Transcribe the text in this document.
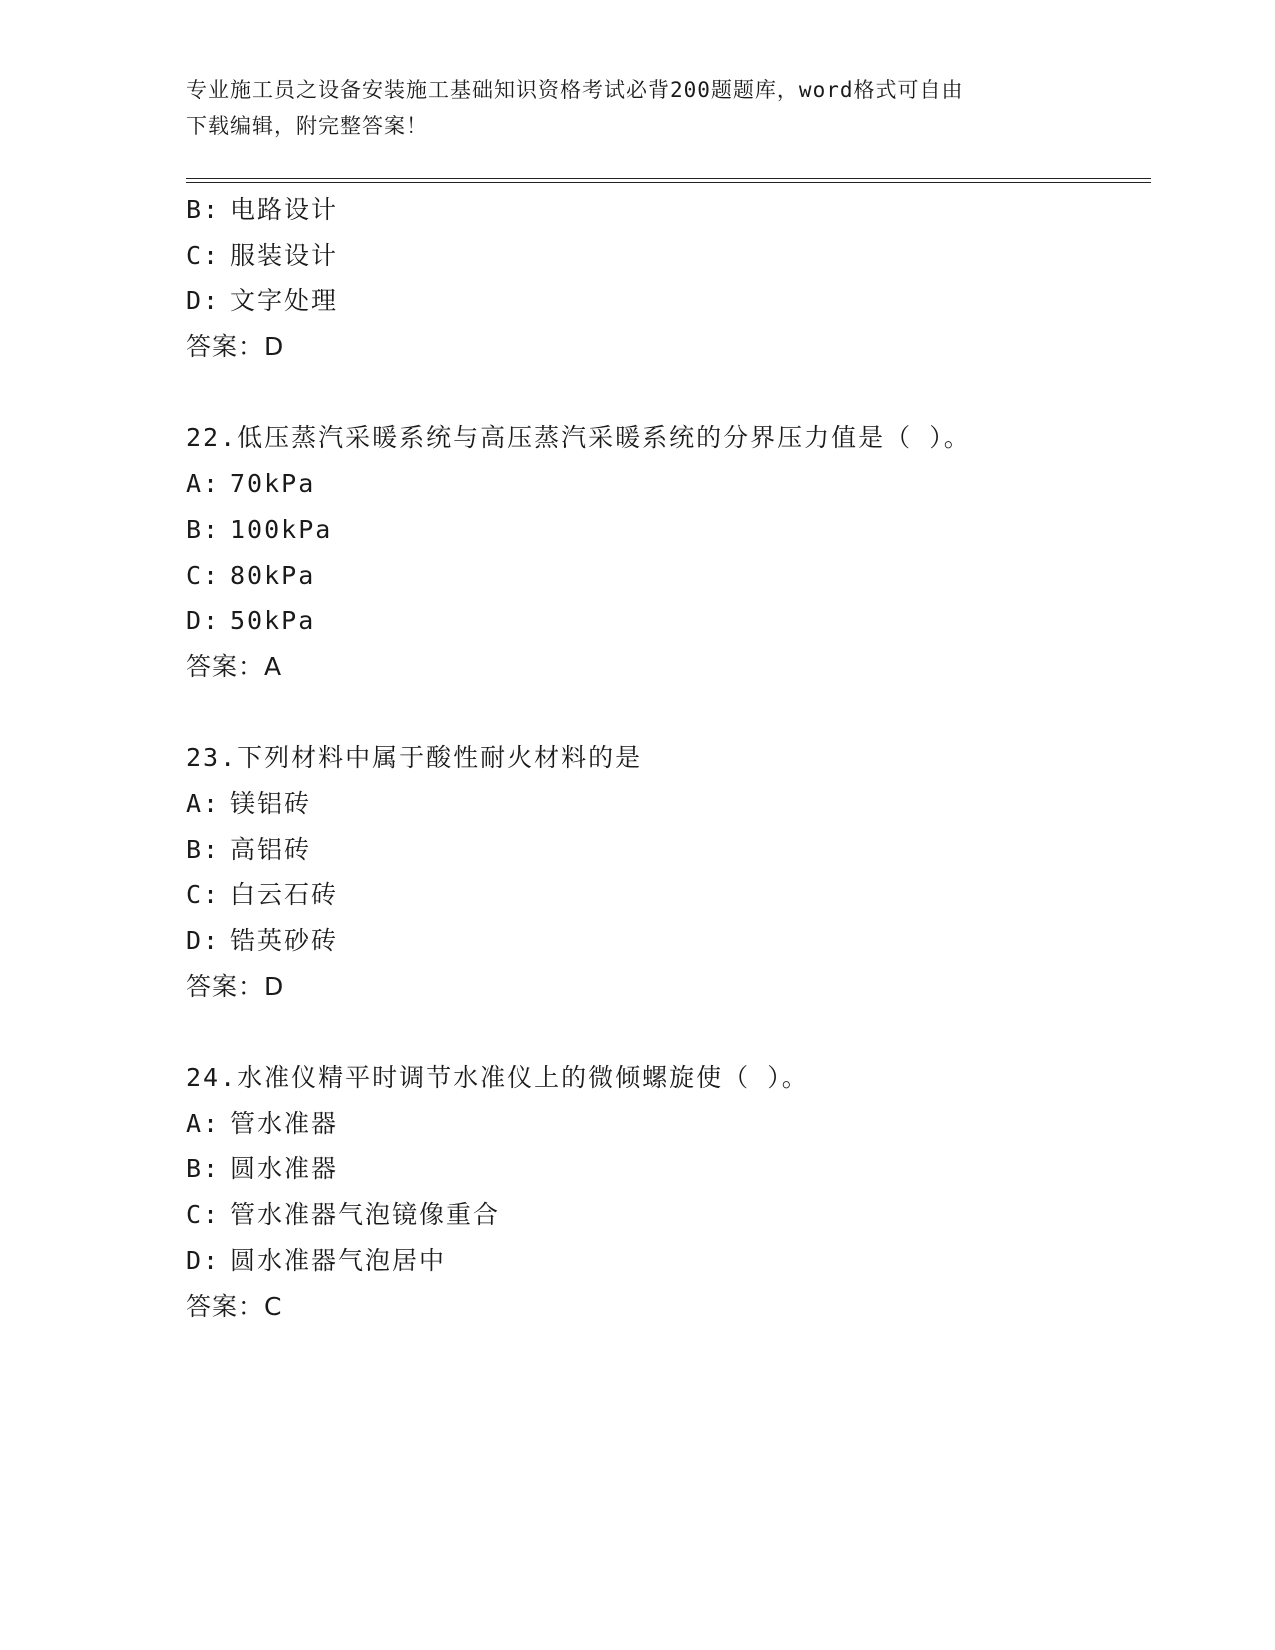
专业施工员之设备安装施工基础知识资格考试必背200题题库，word格式可自由
下载编辑，附完整答案！
B: 电路设计
C: 服装设计
D: 文字处理
答案：D
22.低压蒸汽采暖系统与高压蒸汽采暖系统的分界压力值是（ ）。
A: 70kPa
B: 100kPa
C: 80kPa
D: 50kPa
答案：A
23.下列材料中属于酸性耐火材料的是
A: 镁铝砖
B: 高铝砖
C: 白云石砖
D: 锆英砂砖
答案：D
24.水准仪精平时调节水准仪上的微倾螺旋使（ ）。
A: 管水准器
B: 圆水准器
C: 管水准器气泡镜像重合
D: 圆水准器气泡居中
答案：C
